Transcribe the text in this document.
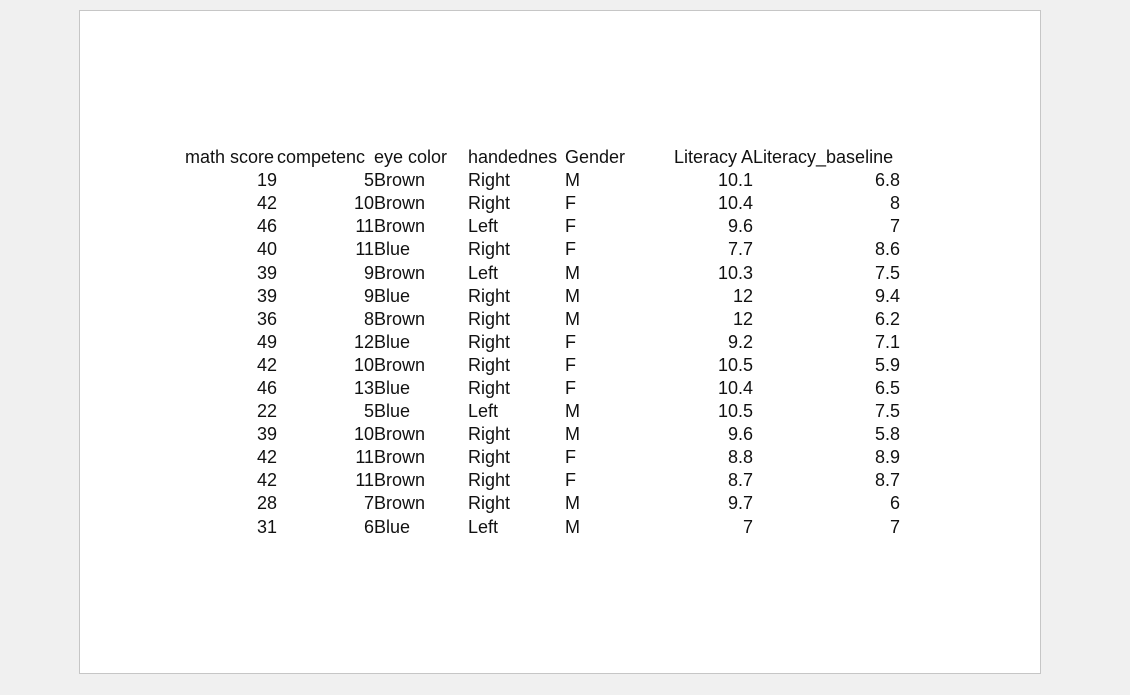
math score	competenc	eye color	handednes	Gender	Literacy A	Literacy_baseline
19	5	Brown	Right	M	10.1	6.8
42	10	Brown	Right	F	10.4	8
46	11	Brown	Left	F	9.6	7
40	11	Blue	Right	F	7.7	8.6
39	9	Brown	Left	M	10.3	7.5
39	9	Blue	Right	M	12	9.4
36	8	Brown	Right	M	12	6.2
49	12	Blue	Right	F	9.2	7.1
42	10	Brown	Right	F	10.5	5.9
46	13	Blue	Right	F	10.4	6.5
22	5	Blue	Left	M	10.5	7.5
39	10	Brown	Right	M	9.6	5.8
42	11	Brown	Right	F	8.8	8.9
42	11	Brown	Right	F	8.7	8.7
28	7	Brown	Right	M	9.7	6
31	6	Blue	Left	M	7	7
